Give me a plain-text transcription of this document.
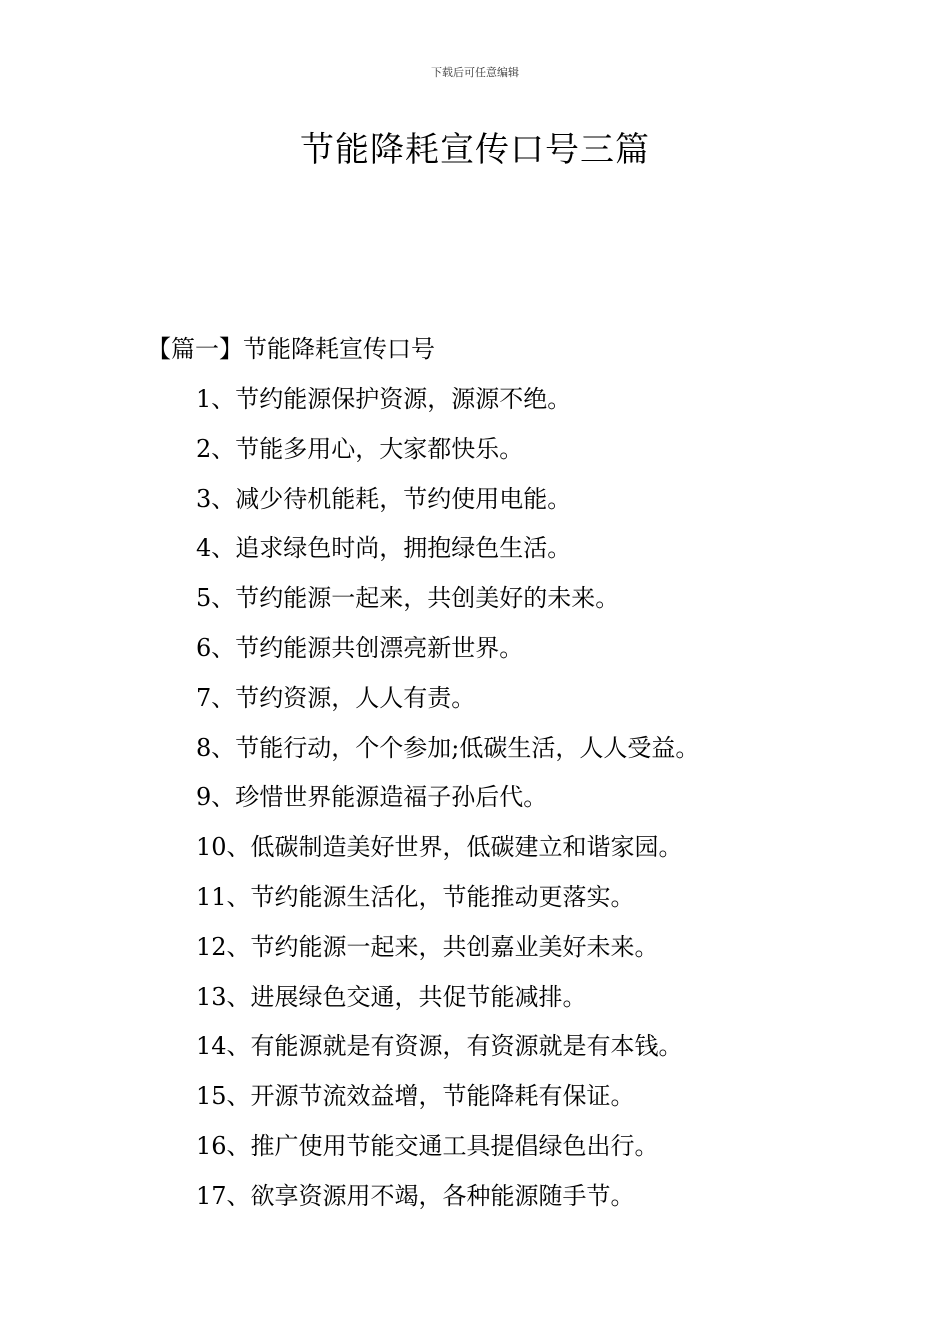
下载后可任意编辑
节能降耗宣传口号三篇
【篇一】节能降耗宣传口号
1、节约能源保护资源，源源不绝。
2、节能多用心，大家都快乐。
3、减少待机能耗，节约使用电能。
4、追求绿色时尚，拥抱绿色生活。
5、节约能源一起来，共创美好的未来。
6、节约能源共创漂亮新世界。
7、节约资源，人人有责。
8、节能行动，个个参加;低碳生活，人人受益。
9、珍惜世界能源造福子孙后代。
10、低碳制造美好世界，低碳建立和谐家园。
11、节约能源生活化，节能推动更落实。
12、节约能源一起来，共创嘉业美好未来。
13、进展绿色交通，共促节能减排。
14、有能源就是有资源，有资源就是有本钱。
15、开源节流效益增，节能降耗有保证。
16、推广使用节能交通工具提倡绿色出行。
17、欲享资源用不竭，各种能源随手节。
